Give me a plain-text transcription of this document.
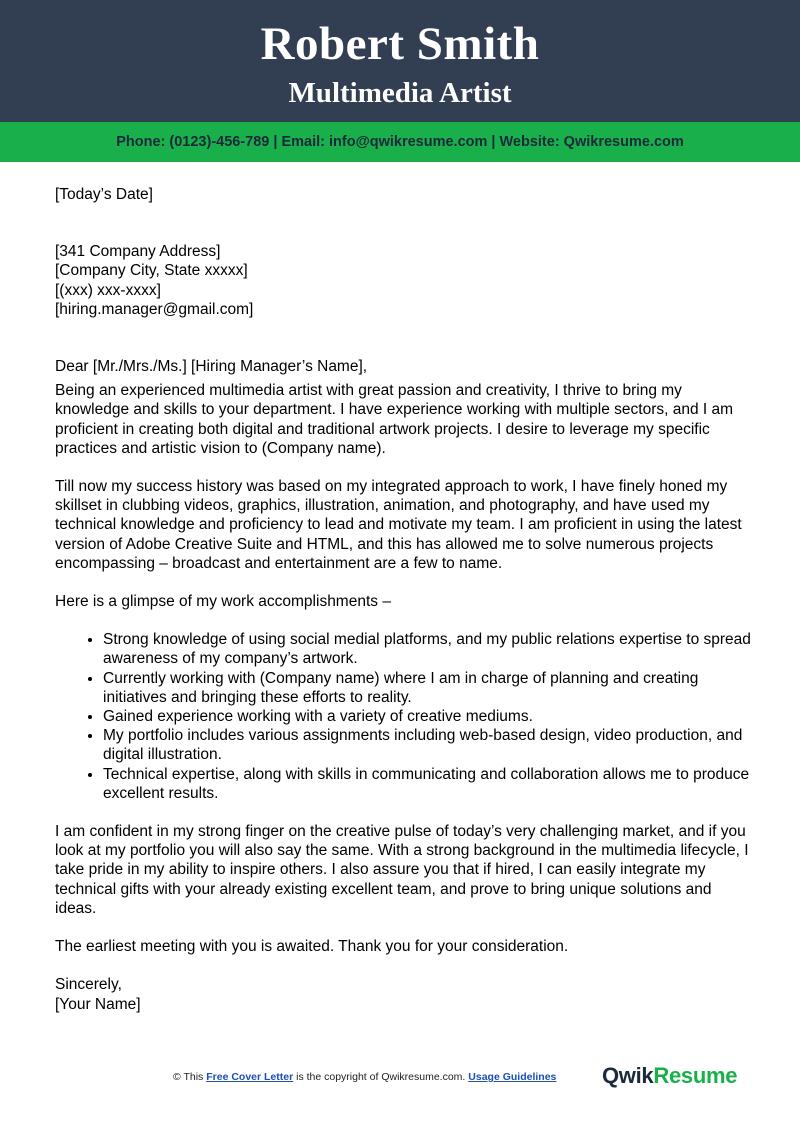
Robert Smith
Multimedia Artist
Phone: (0123)-456-789 | Email: info@qwikresume.com | Website: Qwikresume.com

[Today’s Date]

[341 Company Address]

[Company City, State xxxxx]

[(xxx) xxx-xxxx]

[hiring.manager@gmail.com]

Dear [Mr./Mrs./Ms.] [Hiring Manager’s Name],

Being an experienced multimedia artist with great passion and creativity, I thrive to bring my knowledge and skills to your department. I have experience working with multiple sectors, and I am proficient in creating both digital and traditional artwork projects. I desire to leverage my specific practices and artistic vision to (Company name).

Till now my success history was based on my integrated approach to work, I have finely honed my skillset in clubbing videos, graphics, illustration, animation, and photography, and have used my technical knowledge and proficiency to lead and motivate my team. I am proficient in using the latest version of Adobe Creative Suite and HTML, and this has allowed me to solve numerous projects encompassing – broadcast and entertainment are a few to name.

Here is a glimpse of my work accomplishments –

• Strong knowledge of using social medial platforms, and my public relations expertise to spread awareness of my company’s artwork.
• Currently working with (Company name) where I am in charge of planning and creating initiatives and bringing these efforts to reality.
• Gained experience working with a variety of creative mediums.
• My portfolio includes various assignments including web-based design, video production, and digital illustration.
• Technical expertise, along with skills in communicating and collaboration allows me to produce excellent results.

I am confident in my strong finger on the creative pulse of today’s very challenging market, and if you look at my portfolio you will also say the same. With a strong background in the multimedia lifecycle, I take pride in my ability to inspire others. I also assure you that if hired, I can easily integrate my technical gifts with your already existing excellent team, and prove to bring unique solutions and ideas.

The earliest meeting with you is awaited. Thank you for your consideration.

Sincerely,

[Your Name]

© This Free Cover Letter is the copyright of Qwikresume.com. Usage Guidelines QwikResume
